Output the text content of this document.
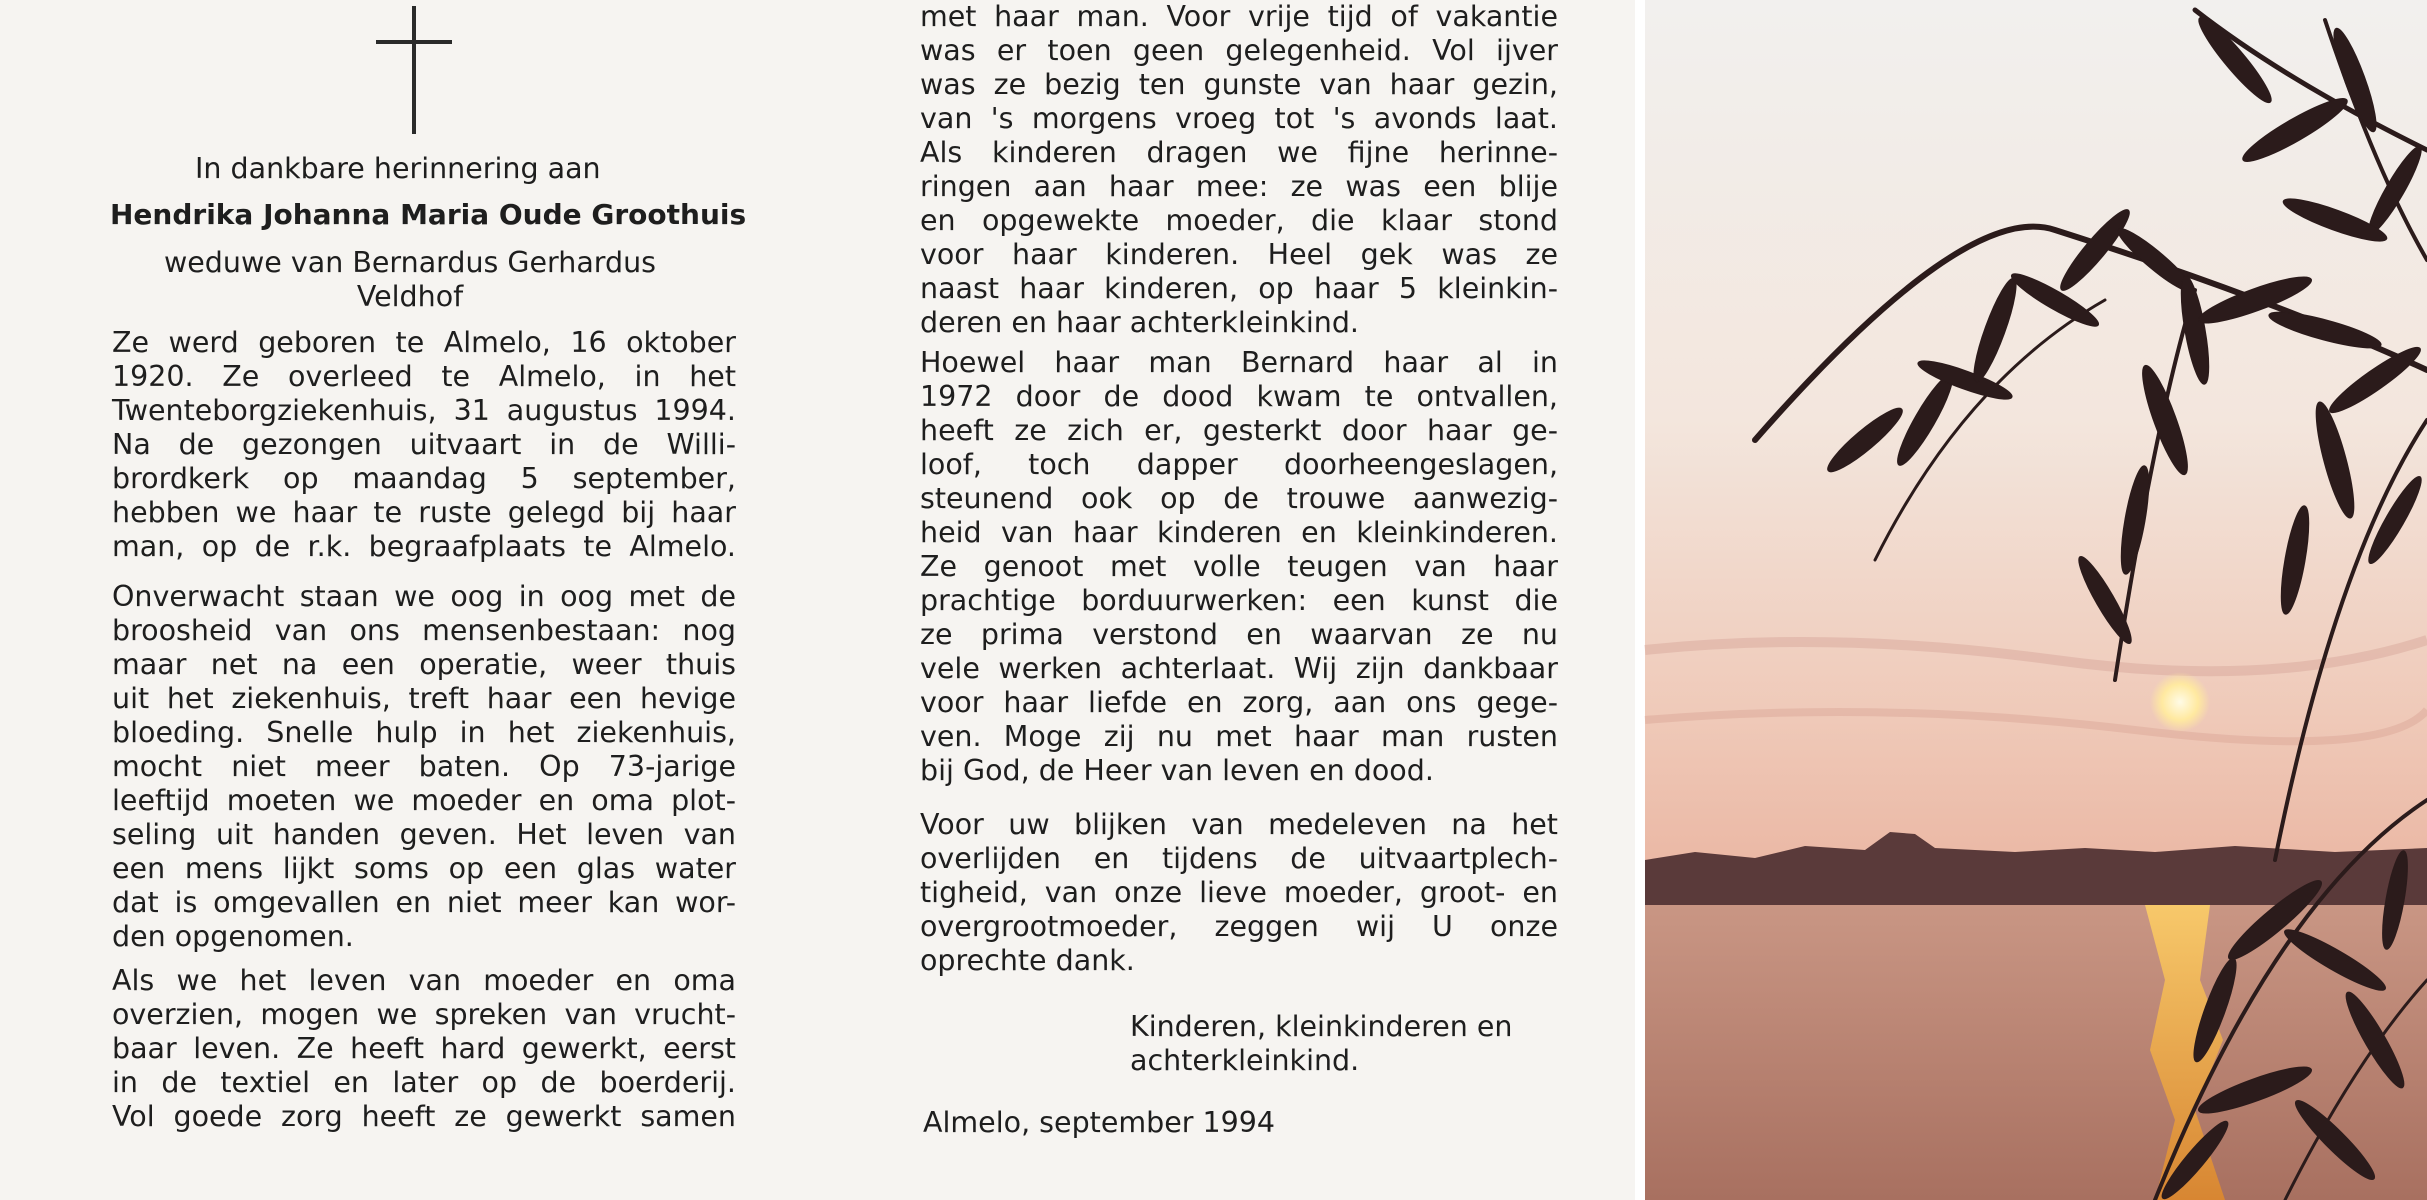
In dankbare herinnering aan
Hendrika Johanna Maria Oude Groothuis
weduwe van Bernardus Gerhardus
Veldhof
Ze werd geboren te Almelo, 16 oktober
1920. Ze overleed te Almelo, in het
Twenteborgziekenhuis, 31 augustus 1994.
Na de gezongen uitvaart in de Willi-
brordkerk op maandag 5 september,
hebben we haar te ruste gelegd bij haar
man, op de r.k. begraafplaats te Almelo.
Onverwacht staan we oog in oog met de
broosheid van ons mensenbestaan: nog
maar net na een operatie, weer thuis
uit het ziekenhuis, treft haar een hevige
bloeding. Snelle hulp in het ziekenhuis,
mocht niet meer baten. Op 73-jarige
leeftijd moeten we moeder en oma plot-
seling uit handen geven. Het leven van
een mens lijkt soms op een glas water
dat is omgevallen en niet meer kan wor-
den opgenomen.
Als we het leven van moeder en oma
overzien, mogen we spreken van vrucht-
baar leven. Ze heeft hard gewerkt, eerst
in de textiel en later op de boerderij.
Vol goede zorg heeft ze gewerkt samen
met haar man. Voor vrije tijd of vakantie
was er toen geen gelegenheid. Vol ijver
was ze bezig ten gunste van haar gezin,
van 's morgens vroeg tot 's avonds laat.
Als kinderen dragen we fijne herinne-
ringen aan haar mee: ze was een blije
en opgewekte moeder, die klaar stond
voor haar kinderen. Heel gek was ze
naast haar kinderen, op haar 5 kleinkin-
deren en haar achterkleinkind.
Hoewel haar man Bernard haar al in
1972 door de dood kwam te ontvallen,
heeft ze zich er, gesterkt door haar ge-
loof, toch dapper doorheengeslagen,
steunend ook op de trouwe aanwezig-
heid van haar kinderen en kleinkinderen.
Ze genoot met volle teugen van haar
prachtige borduurwerken: een kunst die
ze prima verstond en waarvan ze nu
vele werken achterlaat. Wij zijn dankbaar
voor haar liefde en zorg, aan ons gege-
ven. Moge zij nu met haar man rusten
bij God, de Heer van leven en dood.
Voor uw blijken van medeleven na het
overlijden en tijdens de uitvaartplech-
tigheid, van onze lieve moeder, groot- en
overgrootmoeder, zeggen wij U onze
oprechte dank.
Kinderen, kleinkinderen en
achterkleinkind.
Almelo, september 1994
